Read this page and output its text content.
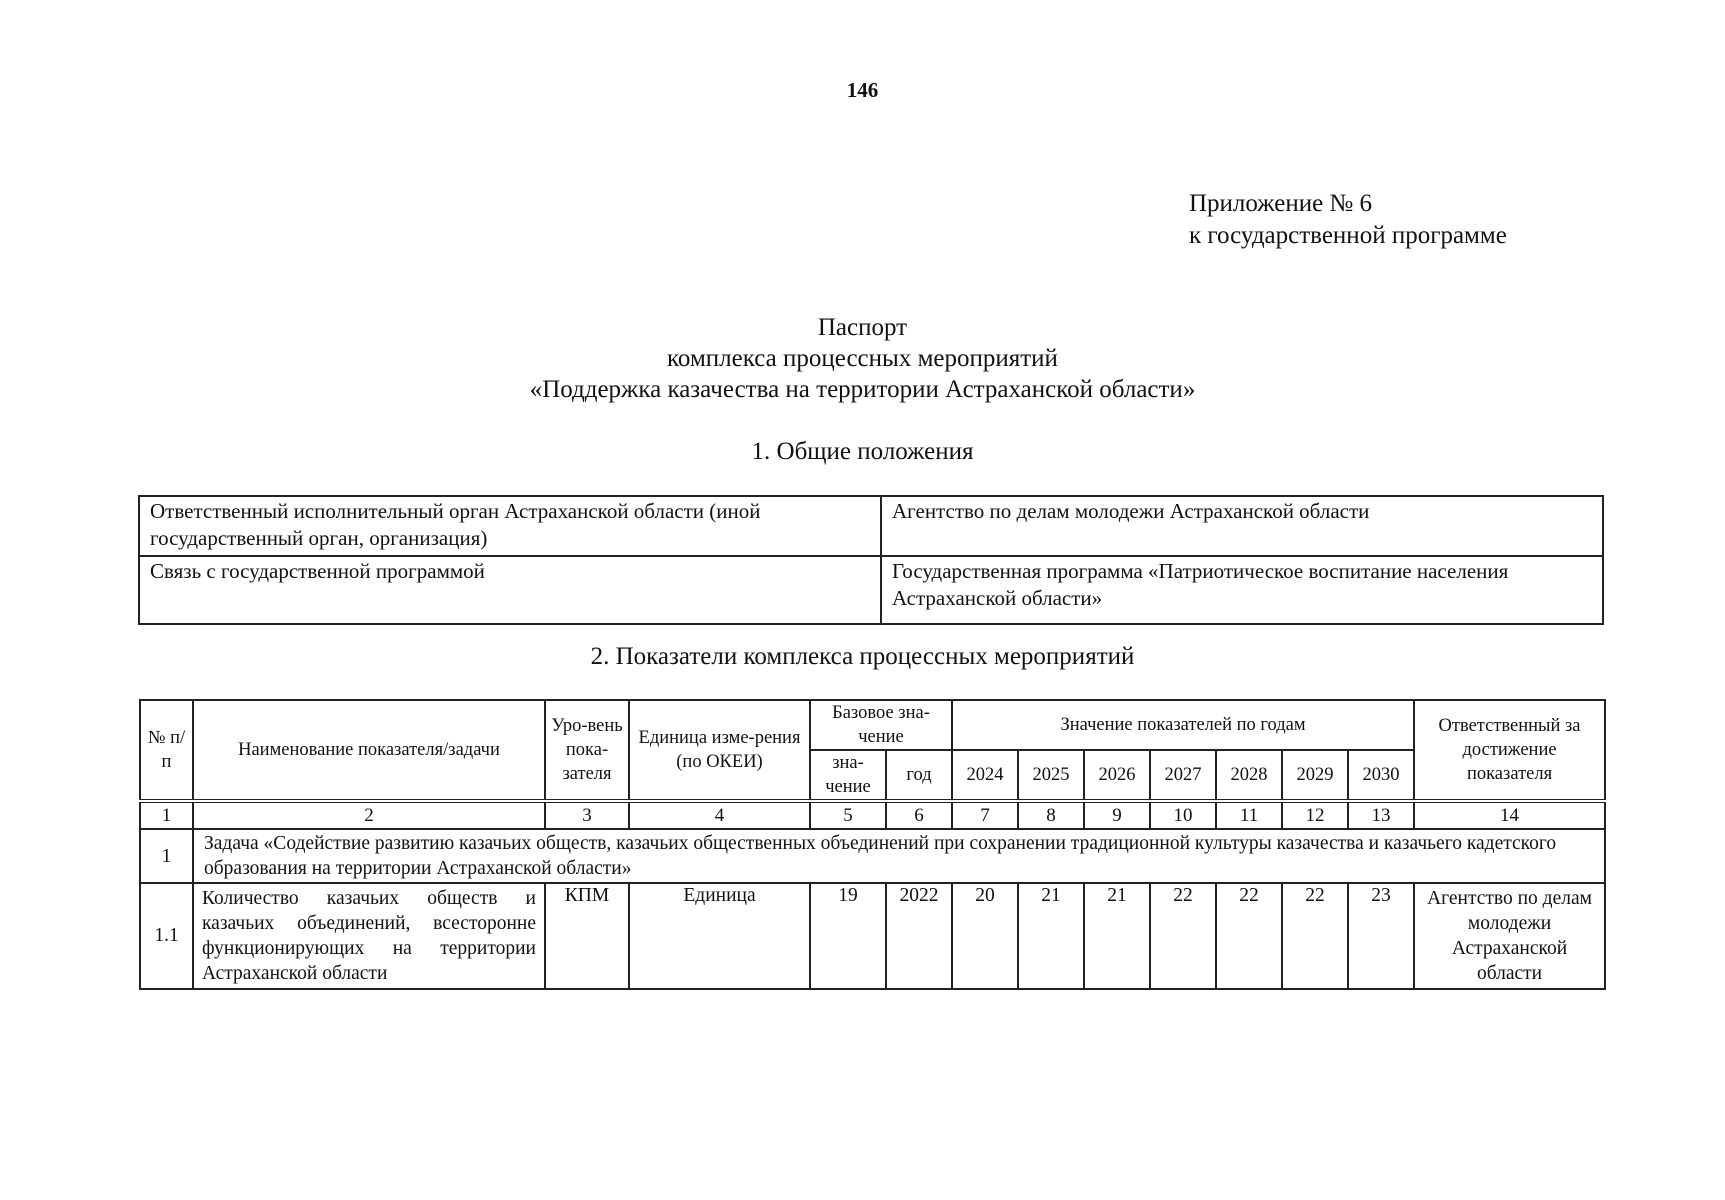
146
Приложение № 6
к государственной программе
Паспорт
комплекса процессных мероприятий
«Поддержка казачества на территории Астраханской области»
1. Общие положения
Ответственный исполнительный орган Астраханской области (иной государственный орган, организация)	Агентство по делам молодежи Астраханской области
Связь с государственной программой	Государственная программа «Патриотическое воспитание населения Астраханской области»
2. Показатели комплекса процессных мероприятий
№ п/п	Наименование показателя/задачи	Уро-вень пока-зателя	Единица изме-рения (по ОКЕИ)	Базовое зна-чение		Значение показателей по годам							Ответственный за достижение показателя
				зна-чение	год	2024	2025	2026	2027	2028	2029	2030	
1	2	3	4	5	6	7	8	9	10	11	12	13	14
1	Задача «Содействие развитию казачьих обществ, казачьих общественных объединений при сохранении традиционной культуры казачества и казачьего кадетского образования на территории Астраханской области»												
1.1	Количество казачьих обществ и казачьих объединений, всесторонне функционирующих на территории Астраханской области	КПМ	Единица	19	2022	20	21	21	22	22	22	23	Агентство по делам молодежи Астраханской области
